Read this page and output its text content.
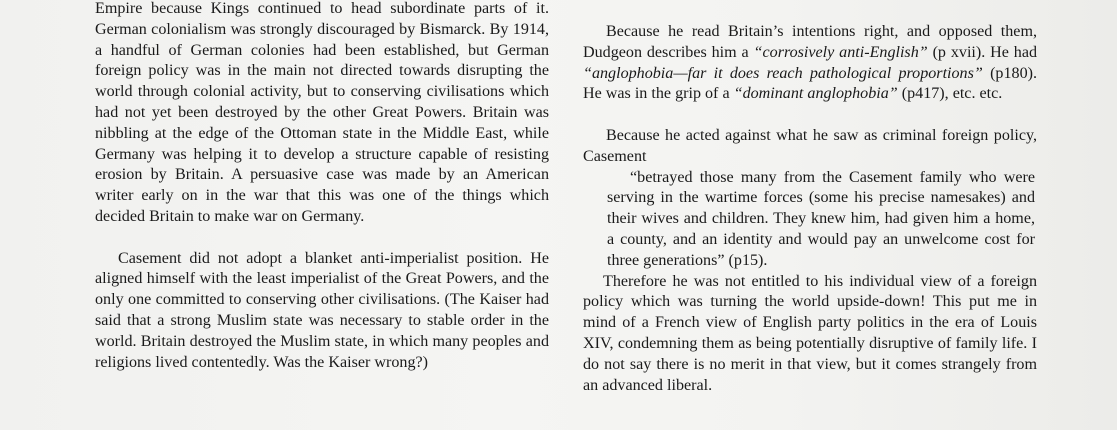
Empire because Kings continued to head subordinate parts of it. German colonialism was strongly discouraged by Bismarck. By 1914, a handful of German colonies had been established, but German foreign policy was in the main not directed towards disrupting the world through colonial activity, but to conserving civilisations which had not yet been destroyed by the other Great Powers. Britain was nibbling at the edge of the Ottoman state in the Middle East, while Germany was helping it to develop a structure capable of resisting erosion by Britain. A persuasive case was made by an American writer early on in the war that this was one of the things which decided Britain to make war on Germany.

Casement did not adopt a blanket anti-imperialist position. He aligned himself with the least imperialist of the Great Powers, and the only one committed to conserving other civilisations. (The Kaiser had said that a strong Muslim state was necessary to stable order in the world. Britain destroyed the Muslim state, in which many peoples and religions lived contentedly. Was the Kaiser wrong?)

Because he read Britain’s intentions right, and opposed them, Dudgeon describes him a “corrosively anti-English” (p xvii). He had “anglophobia—far it does reach pathological proportions” (p180). He was in the grip of a “dominant anglophobia” (p417), etc. etc.

Because he acted against what he saw as criminal foreign policy, Casement

“betrayed those many from the Casement family who were serving in the wartime forces (some his precise namesakes) and their wives and children. They knew him, had given him a home, a county, and an identity and would pay an unwelcome cost for three generations” (p15).

Therefore he was not entitled to his individual view of a foreign policy which was turning the world upside-down! This put me in mind of a French view of English party politics in the era of Louis XIV, condemning them as being potentially disruptive of family life. I do not say there is no merit in that view, but it comes strangely from an advanced liberal.
